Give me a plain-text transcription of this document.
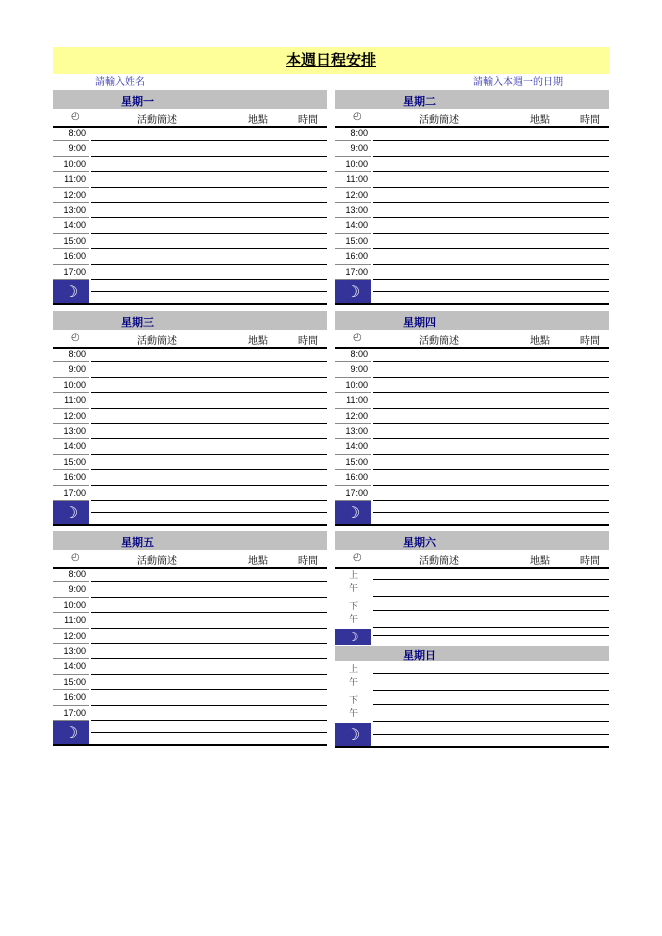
本週日程安排
請輸入姓名	請輸入本週一的日期
星期一
◴	活動簡述	地點	時間
8:00
9:00
10:00
11:00
12:00
13:00
14:00
15:00
16:00
17:00
☽
星期二
◴	活動簡述	地點	時間
8:00
9:00
10:00
11:00
12:00
13:00
14:00
15:00
16:00
17:00
☽
星期三
◴	活動簡述	地點	時間
8:00
9:00
10:00
11:00
12:00
13:00
14:00
15:00
16:00
17:00
☽
星期四
◴	活動簡述	地點	時間
8:00
9:00
10:00
11:00
12:00
13:00
14:00
15:00
16:00
17:00
☽
星期五
◴	活動簡述	地點	時間
8:00
9:00
10:00
11:00
12:00
13:00
14:00
15:00
16:00
17:00
☽
星期六
◴	活動簡述	地點	時間
上午
下午
☽
星期日
上午
下午
☽
